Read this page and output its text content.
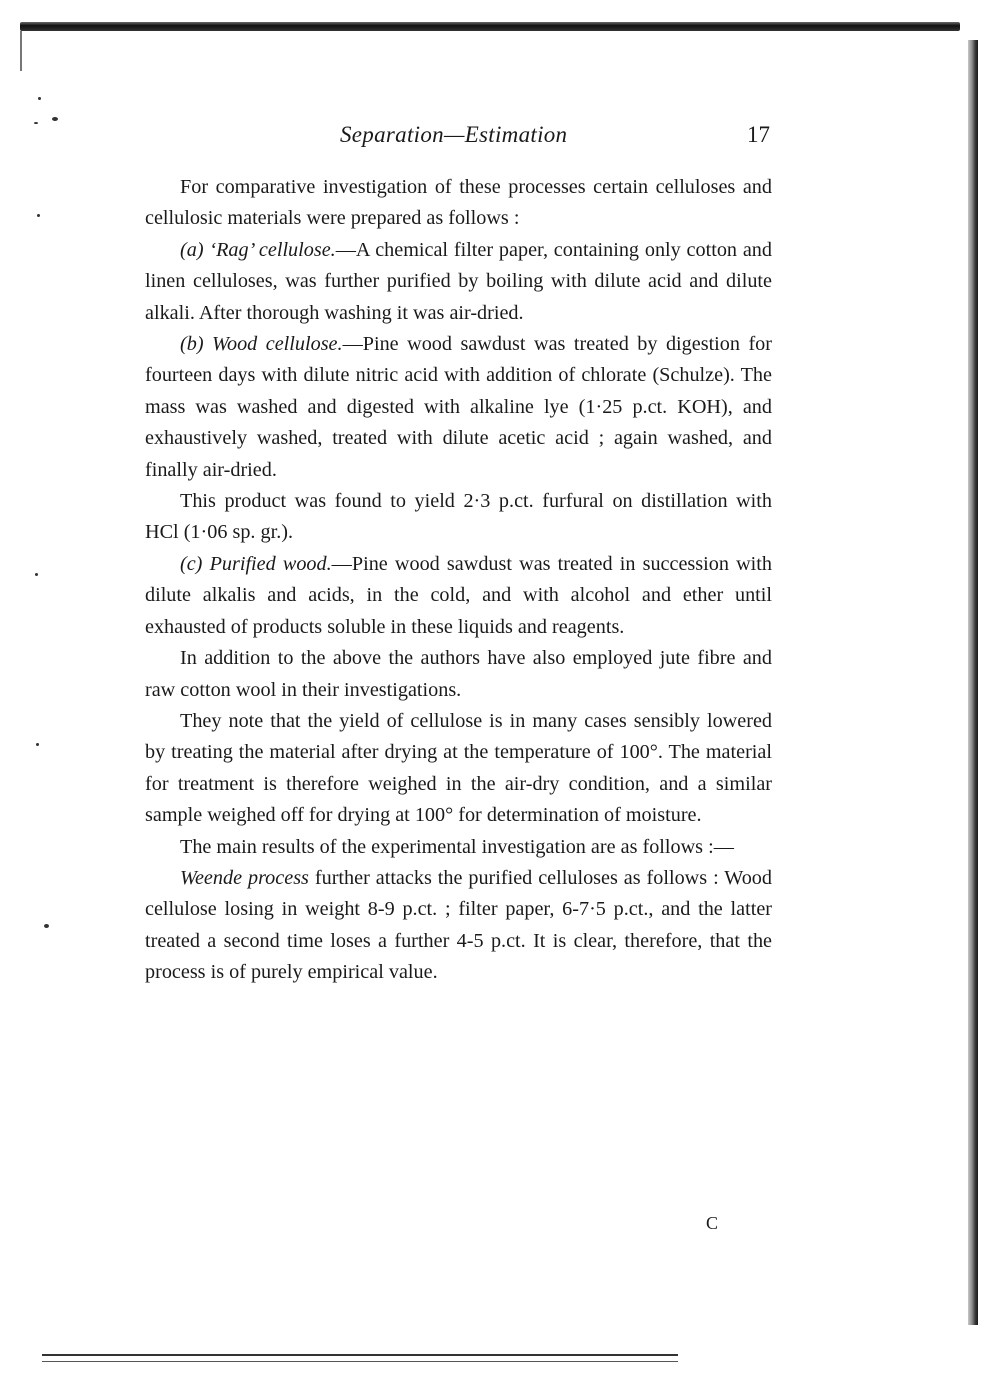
Separation—Estimation	17

For comparative investigation of these processes certain celluloses and cellulosic materials were prepared as follows :

(a) ‘Rag’ cellulose.—A chemical filter paper, containing only cotton and linen celluloses, was further purified by boiling with dilute acid and dilute alkali. After thorough washing it was air-dried.

(b) Wood cellulose.—Pine wood sawdust was treated by digestion for fourteen days with dilute nitric acid with addition of chlorate (Schulze). The mass was washed and digested with alkaline lye (1·25 p.ct. KOH), and exhaustively washed, treated with dilute acetic acid ; again washed, and finally air-dried.

This product was found to yield 2·3 p.ct. furfural on distillation with HCl (1·06 sp. gr.).

(c) Purified wood.—Pine wood sawdust was treated in succession with dilute alkalis and acids, in the cold, and with alcohol and ether until exhausted of products soluble in these liquids and reagents.

In addition to the above the authors have also employed jute fibre and raw cotton wool in their investigations.

They note that the yield of cellulose is in many cases sensibly lowered by treating the material after drying at the temperature of 100°. The material for treatment is therefore weighed in the air-dry condition, and a similar sample weighed off for drying at 100° for determination of moisture.

The main results of the experimental investigation are as follows :—

Weende process further attacks the purified celluloses as follows : Wood cellulose losing in weight 8-9 p.ct. ; filter paper, 6-7·5 p.ct., and the latter treated a second time loses a further 4-5 p.ct. It is clear, therefore, that the process is of purely empirical value.

C
